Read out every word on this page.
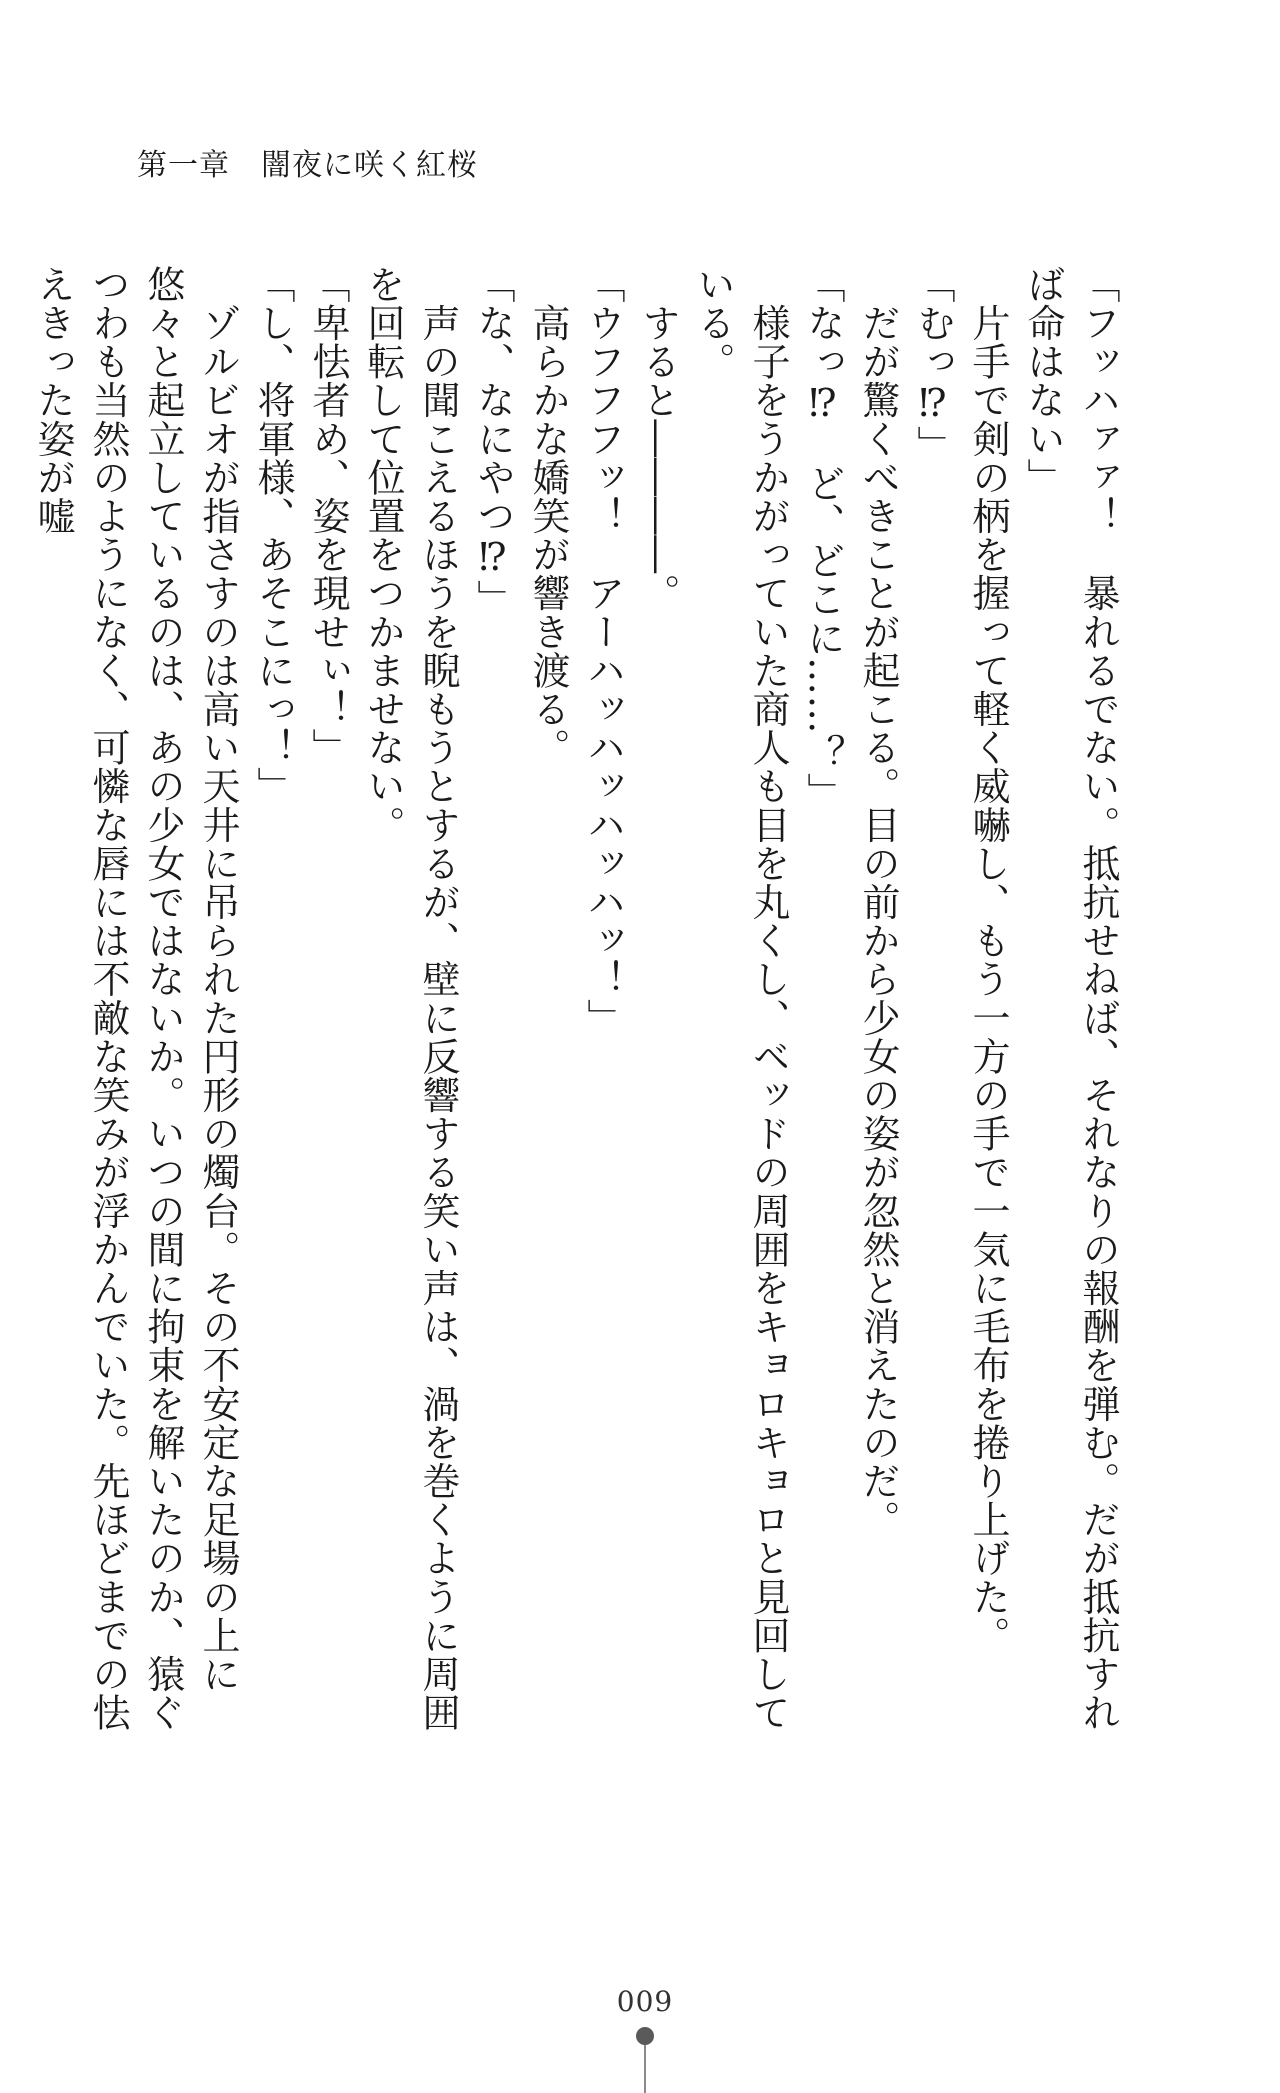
第一章　闇夜に咲く紅桜

「フッハァァ！　暴れるでない。抵抗せねば、それなりの報酬を弾む。だが抵抗すれば命はない」

　片手で剣の柄を握って軽く威嚇し、もう一方の手で一気に毛布を捲り上げた。

「むっ⁉」

　だが驚くべきことが起こる。目の前から少女の姿が忽然と消えたのだ。

「なっ⁉　ど、どこに……？」

　様子をうかがっていた商人も目を丸くし、ベッドの周囲をキョロキョロと見回している。

　すると――――。

「ウフフフッ！　アーハッハッハッハッ！」

　高らかな嬌笑が響き渡る。

「な、なにやつ⁉」

　声の聞こえるほうを睨もうとするが、壁に反響する笑い声は、渦を巻くように周囲を回転して位置をつかませない。

「卑怯者め、姿を現せぃ！」

「し、将軍様、あそこにっ！」

　ゾルビオが指さすのは高い天井に吊られた円形の燭台。その不安定な足場の上に悠々と起立しているのは、あの少女ではないか。いつの間に拘束を解いたのか、猿ぐつわも当然のようになく、可憐な唇には不敵な笑みが浮かんでいた。先ほどまでの怯えきった姿が嘘

009
